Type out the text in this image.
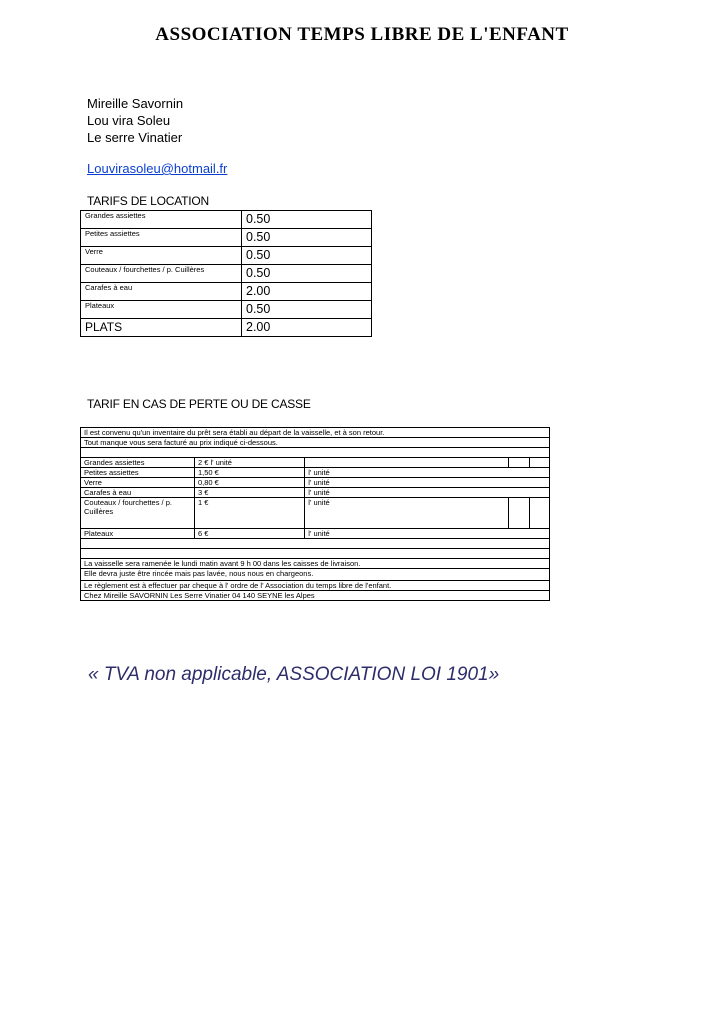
ASSOCIATION TEMPS LIBRE DE L'ENFANT
Mireille Savornin
Lou vira Soleu
Le serre Vinatier
Louvirasoleu@hotmail.fr
TARIFS DE LOCATION
Grandes assiettes	0.50
Petites assiettes	0.50
Verre	0.50
Couteaux / fourchettes / p. Cuillères	0.50
Carafes à eau	2.00
Plateaux	0.50
PLATS	2.00
TARIF EN CAS DE PERTE OU DE CASSE
Il est convenu qu'un inventaire du prêt sera établi au départ de la vaisselle, et à son retour.				
Tout manque vous sera facturé au prix indiqué ci-dessous.				

Grandes assiettes	2 € l' unité			
Petites assiettes	1,50 €	l' unité		
Verre	0,80 €	l' unité		
Carafes à eau	3 €	l' unité		
Couteaux / fourchettes / p. Cuillères	1 €	l' unité		
Plateaux	6 €	l' unité		

La vaisselle sera ramenée le lundi matin avant 9 h 00 dans les caisses de livraison.				
Elle devra juste être rincée mais pas lavée, nous nous en chargeons.				
Le règlement est à effectuer par cheque à l' ordre de l' Association du temps libre de l'enfant.				
Chez Mireille SAVORNIN Les Serre Vinatier 04 140 SEYNE les Alpes				
« TVA non applicable, ASSOCIATION LOI 1901»
